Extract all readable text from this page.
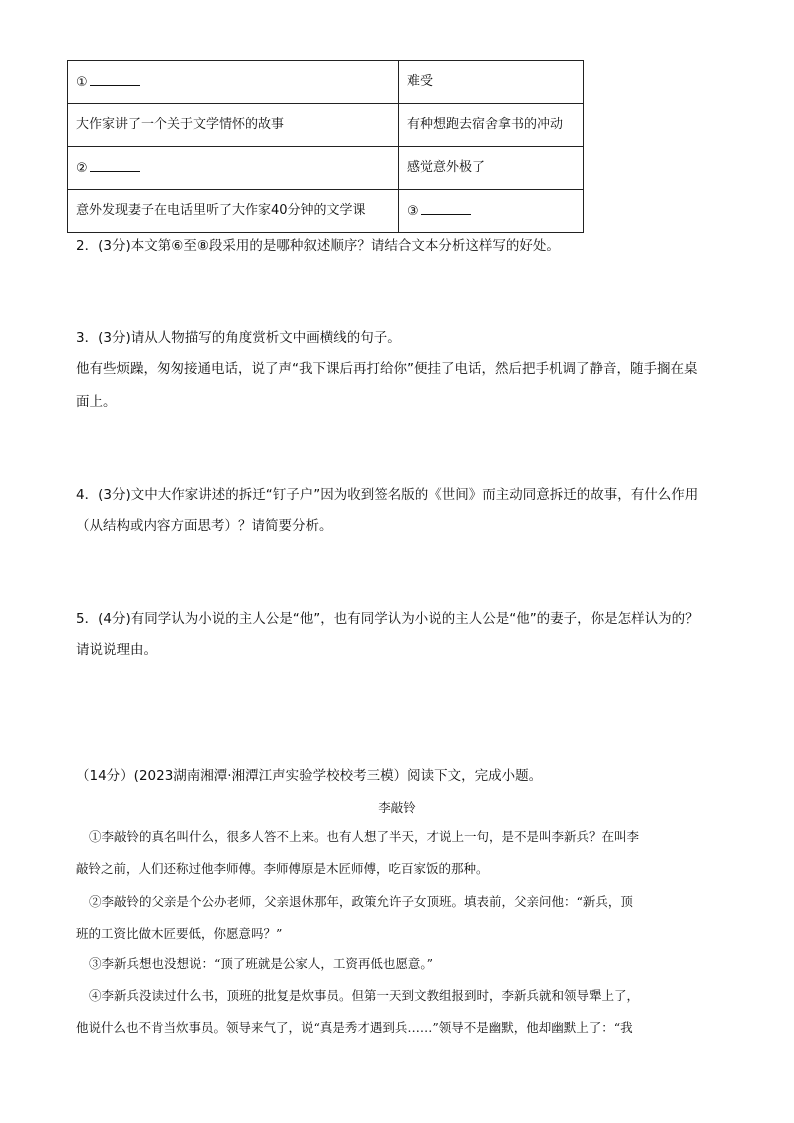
①	难受
大作家讲了一个关于文学情怀的故事	有种想跑去宿舍拿书的冲动
②	感觉意外极了
意外发现妻子在电话里听了大作家40分钟的文学课	③
2．(3分)本文第⑥至⑧段采用的是哪种叙述顺序？请结合文本分析这样写的好处。
3．(3分)请从人物描写的角度赏析文中画横线的句子。
他有些烦躁，匆匆接通电话，说了声“我下课后再打给你”便挂了电话，然后把手机调了静音，随手搁在桌
面上。
4．(3分)文中大作家讲述的拆迁“钉子户”因为收到签名版的《世间》而主动同意拆迁的故事，有什么作用
（从结构或内容方面思考）？请简要分析。
5．(4分)有同学认为小说的主人公是“他”，也有同学认为小说的主人公是“他”的妻子，你是怎样认为的？
请说说理由。
（14分）(2023湖南湘潭·湘潭江声实验学校校考三模）阅读下文，完成小题。
李敲铃
①李敲铃的真名叫什么，很多人答不上来。也有人想了半天，才说上一句，是不是叫李新兵？在叫李
敲铃之前，人们还称过他李师傅。李师傅原是木匠师傅，吃百家饭的那种。
②李敲铃的父亲是个公办老师，父亲退休那年，政策允许子女顶班。填表前，父亲问他：“新兵，顶
班的工资比做木匠要低，你愿意吗？”
③李新兵想也没想说：“顶了班就是公家人，工资再低也愿意。”
④李新兵没读过什么书，顶班的批复是炊事员。但第一天到文教组报到时，李新兵就和领导犟上了，
他说什么也不肯当炊事员。领导来气了，说“真是秀才遇到兵……”领导不是幽默，他却幽默上了：“我
